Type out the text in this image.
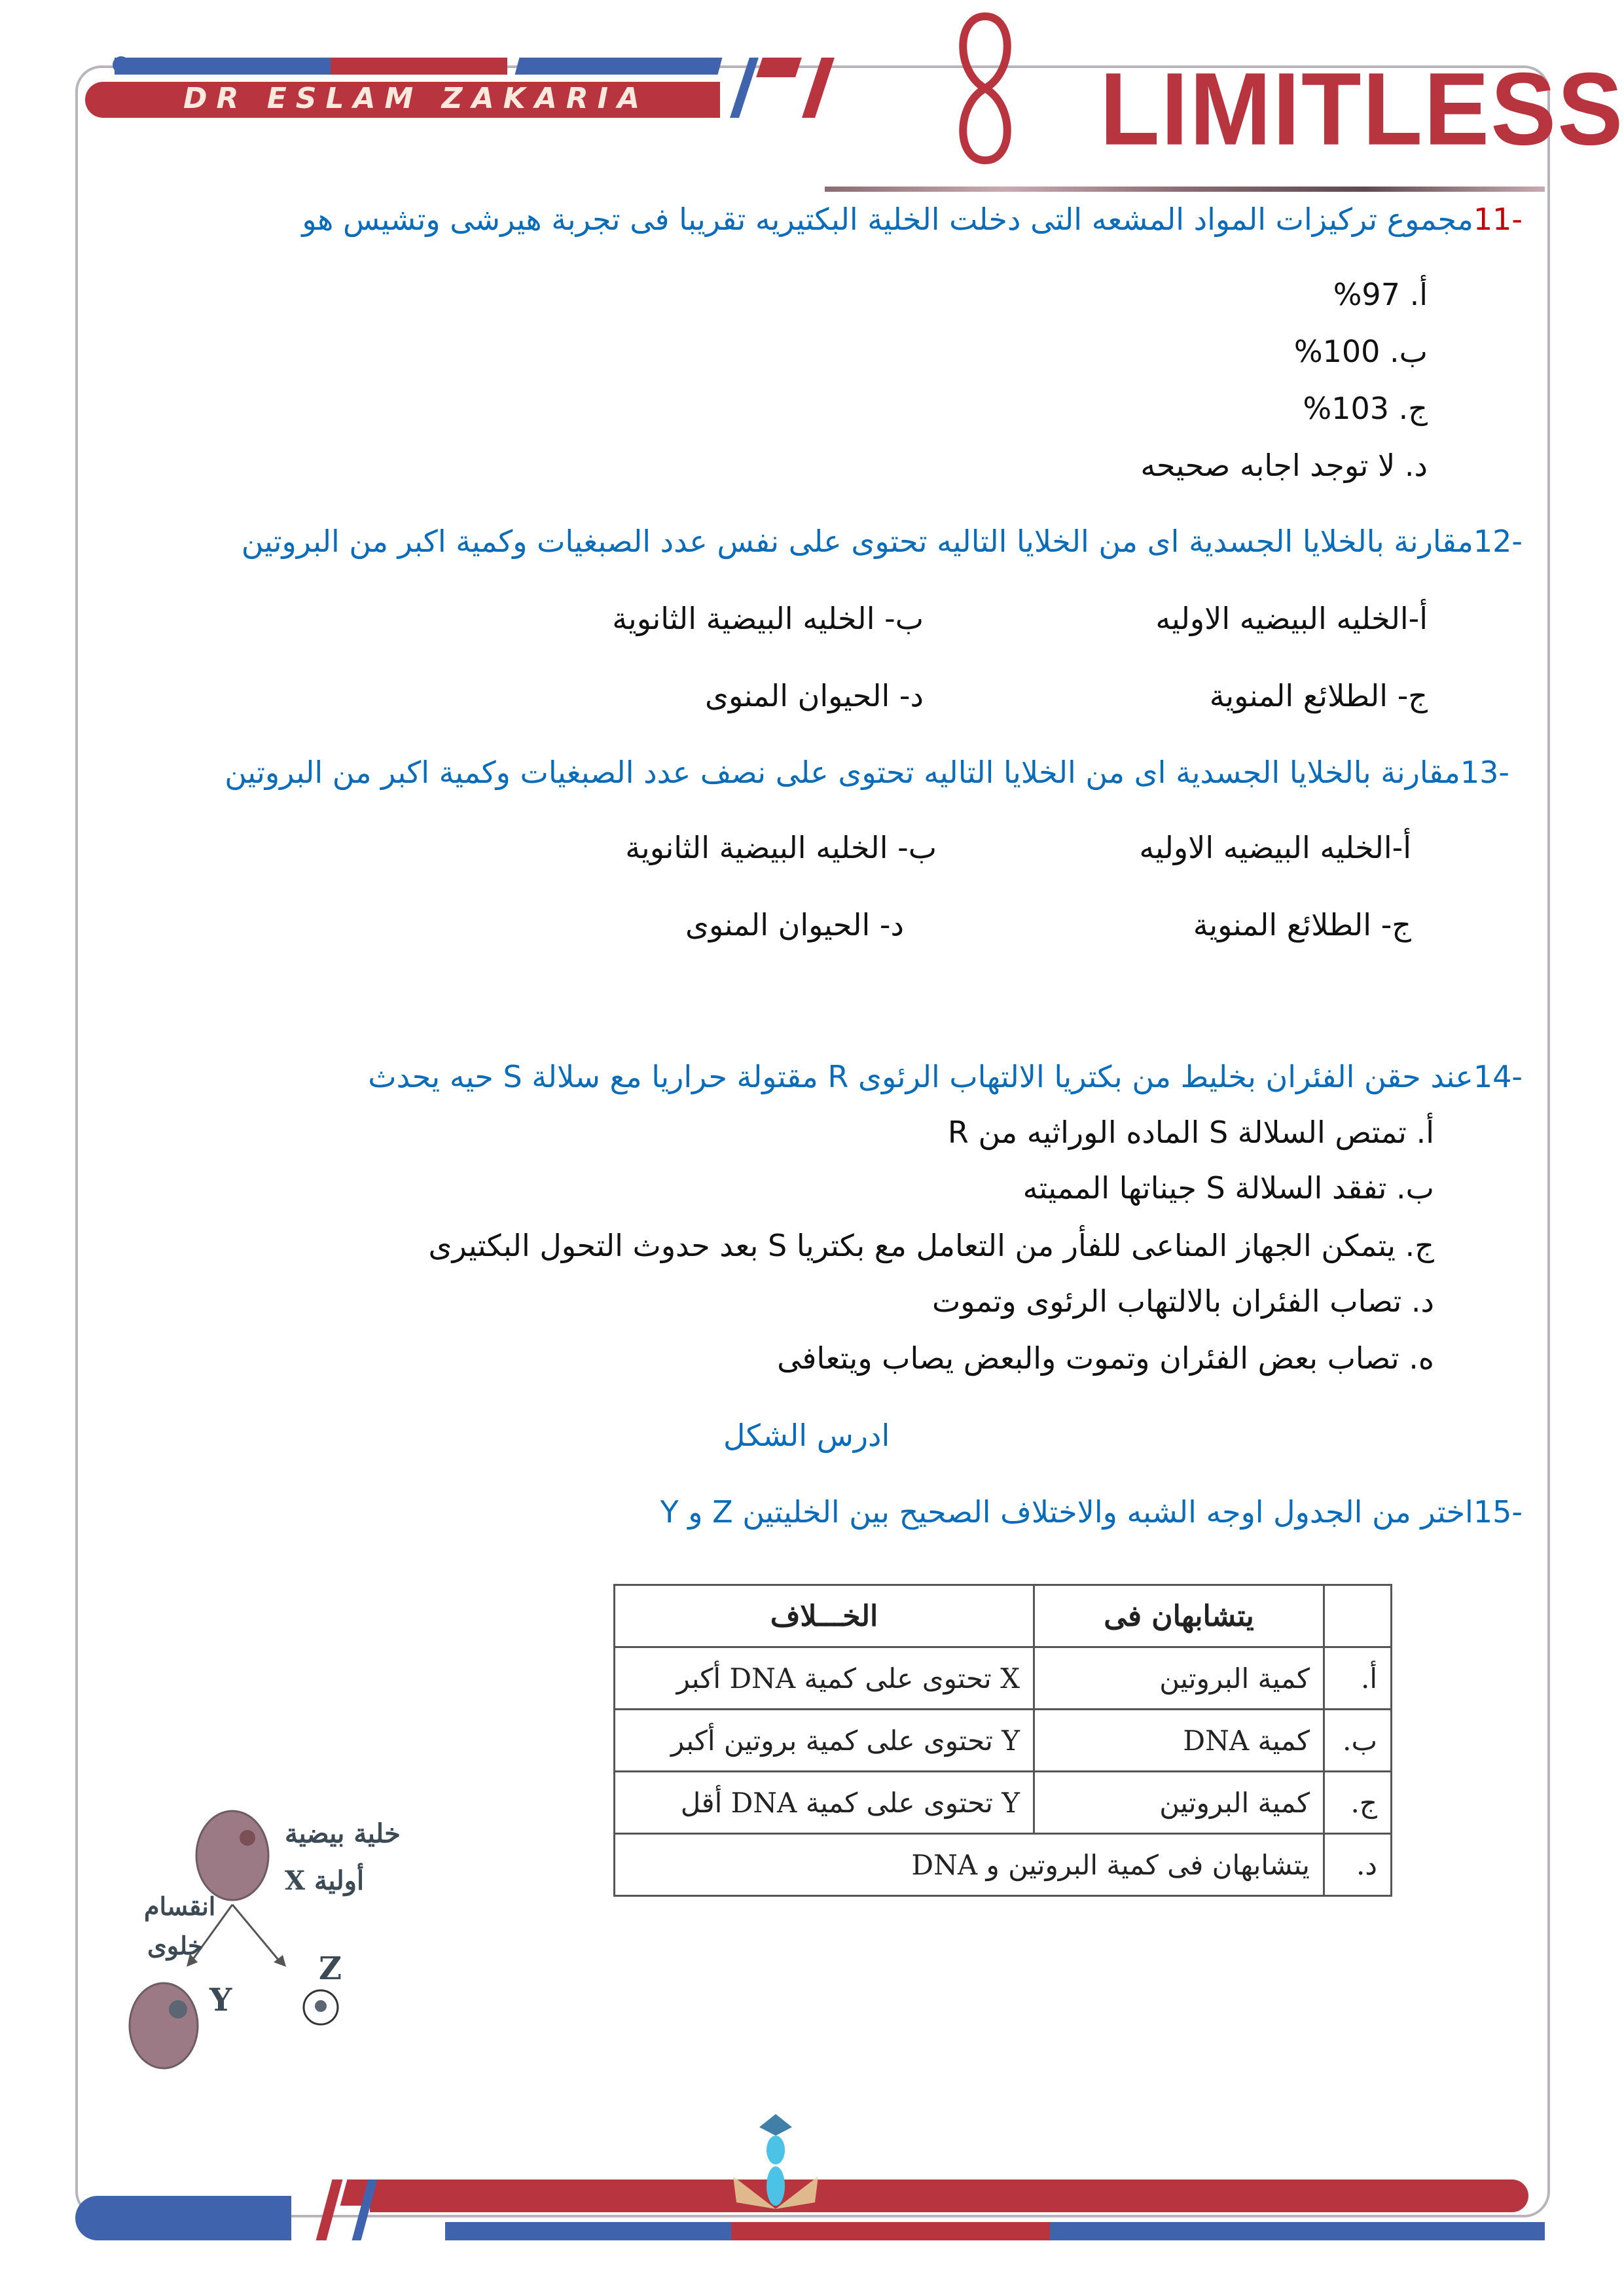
DR ESLAM ZAKARIA	LIMITLESS
-11مجموع تركيزات المواد المشعه التى دخلت الخلية البكتيريه تقريبا فى تجربة هيرشى وتشيس هو
أ. 97%
ب. 100%
ج. 103%
د. لا توجد اجابه صحيحه
-12مقارنة بالخلايا الجسدية اى من الخلايا التاليه تحتوى على نفس عدد الصبغيات وكمية اكبر من البروتين
أ-الخليه البيضيه الاوليه
ب- الخليه البيضية الثانوية
ج- الطلائع المنوية
د- الحيوان المنوى
-13مقارنة بالخلايا الجسدية اى من الخلايا التاليه تحتوى على نصف عدد الصبغيات وكمية اكبر من البروتين
أ-الخليه البيضيه الاوليه
ب- الخليه البيضية الثانوية
ج- الطلائع المنوية
د- الحيوان المنوى
-14عند حقن الفئران بخليط من بكتريا الالتهاب الرئوى R مقتولة حراريا مع سلالة S حيه يحدث
أ. تمتص السلالة S الماده الوراثيه من R
ب. تفقد السلالة S جيناتها المميته
ج. يتمكن الجهاز المناعى للفأر من التعامل مع بكتريا S بعد حدوث التحول البكتيرى
د. تصاب الفئران بالالتهاب الرئوى وتموت
ه. تصاب بعض الفئران وتموت والبعض يصاب ويتعافى
ادرس الشكل
-15اختر من الجدول اوجه الشبه والاختلاف الصحيح بين الخليتين Z و Y
	يتشابهان فى	الخـــلاف
أ.	كمية البروتين	X تحتوى على كمية DNA أكبر
ب.	كمية DNA	Y تحتوى على كمية بروتين أكبر
ج.	كمية البروتين	Y تحتوى على كمية DNA أقل
د.	يتشابهان فى كمية البروتين و DNA	
خلية بيضية
أولية X
انقسام
خلوى
Y
Z
